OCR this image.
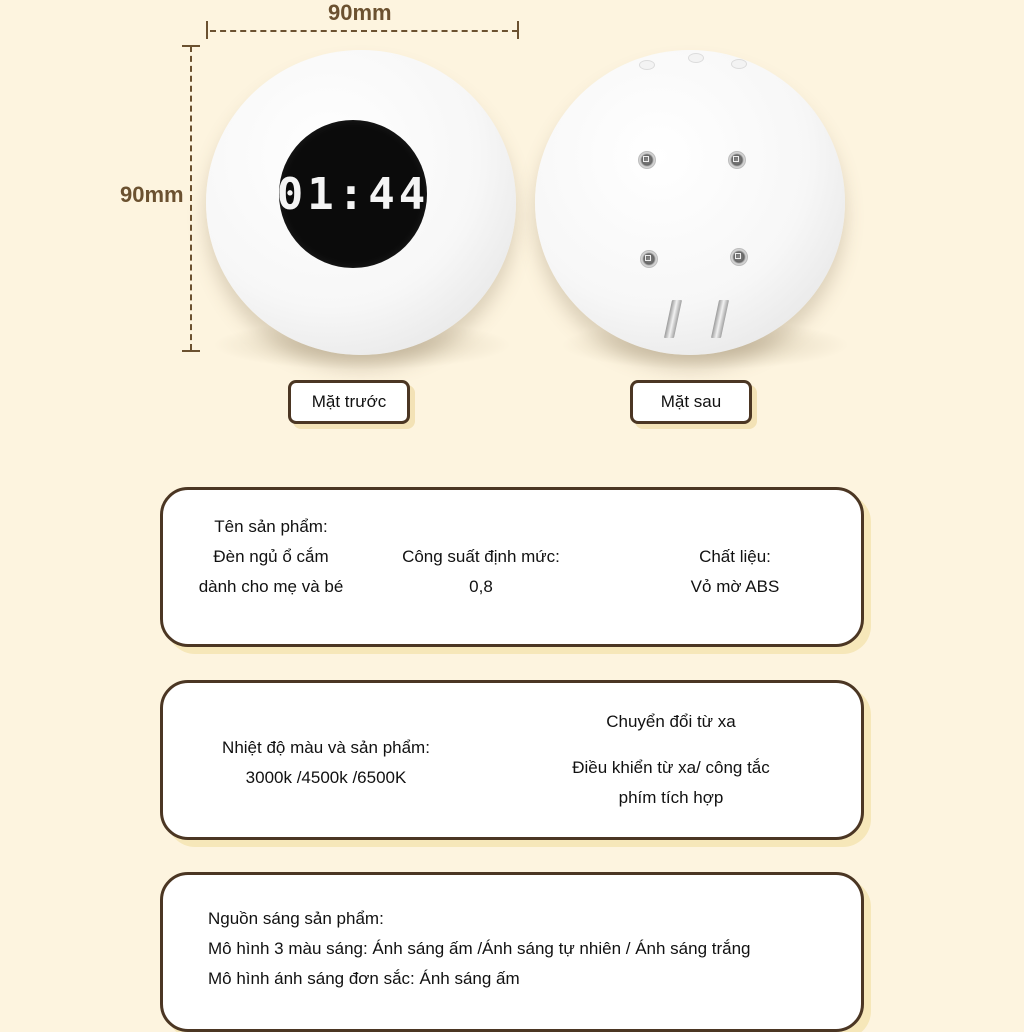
90mm
90mm 01:44
Mặt trước	Mặt sau
Tên sản phẩm:
Đèn ngủ ổ cắm
dành cho mẹ và bé
Công suất định mức:
0,8
Chất liệu:
Vỏ mờ ABS
Nhiệt độ màu và sản phẩm:
3000k /4500k /6500K
Chuyển đổi từ xa
Điều khiển từ xa/ công tắc
phím tích hợp
Nguồn sáng sản phẩm:
Mô hình 3 màu sáng: Ánh sáng ấm /Ánh sáng tự nhiên / Ánh sáng trắng
Mô hình ánh sáng đơn sắc: Ánh sáng ấm
